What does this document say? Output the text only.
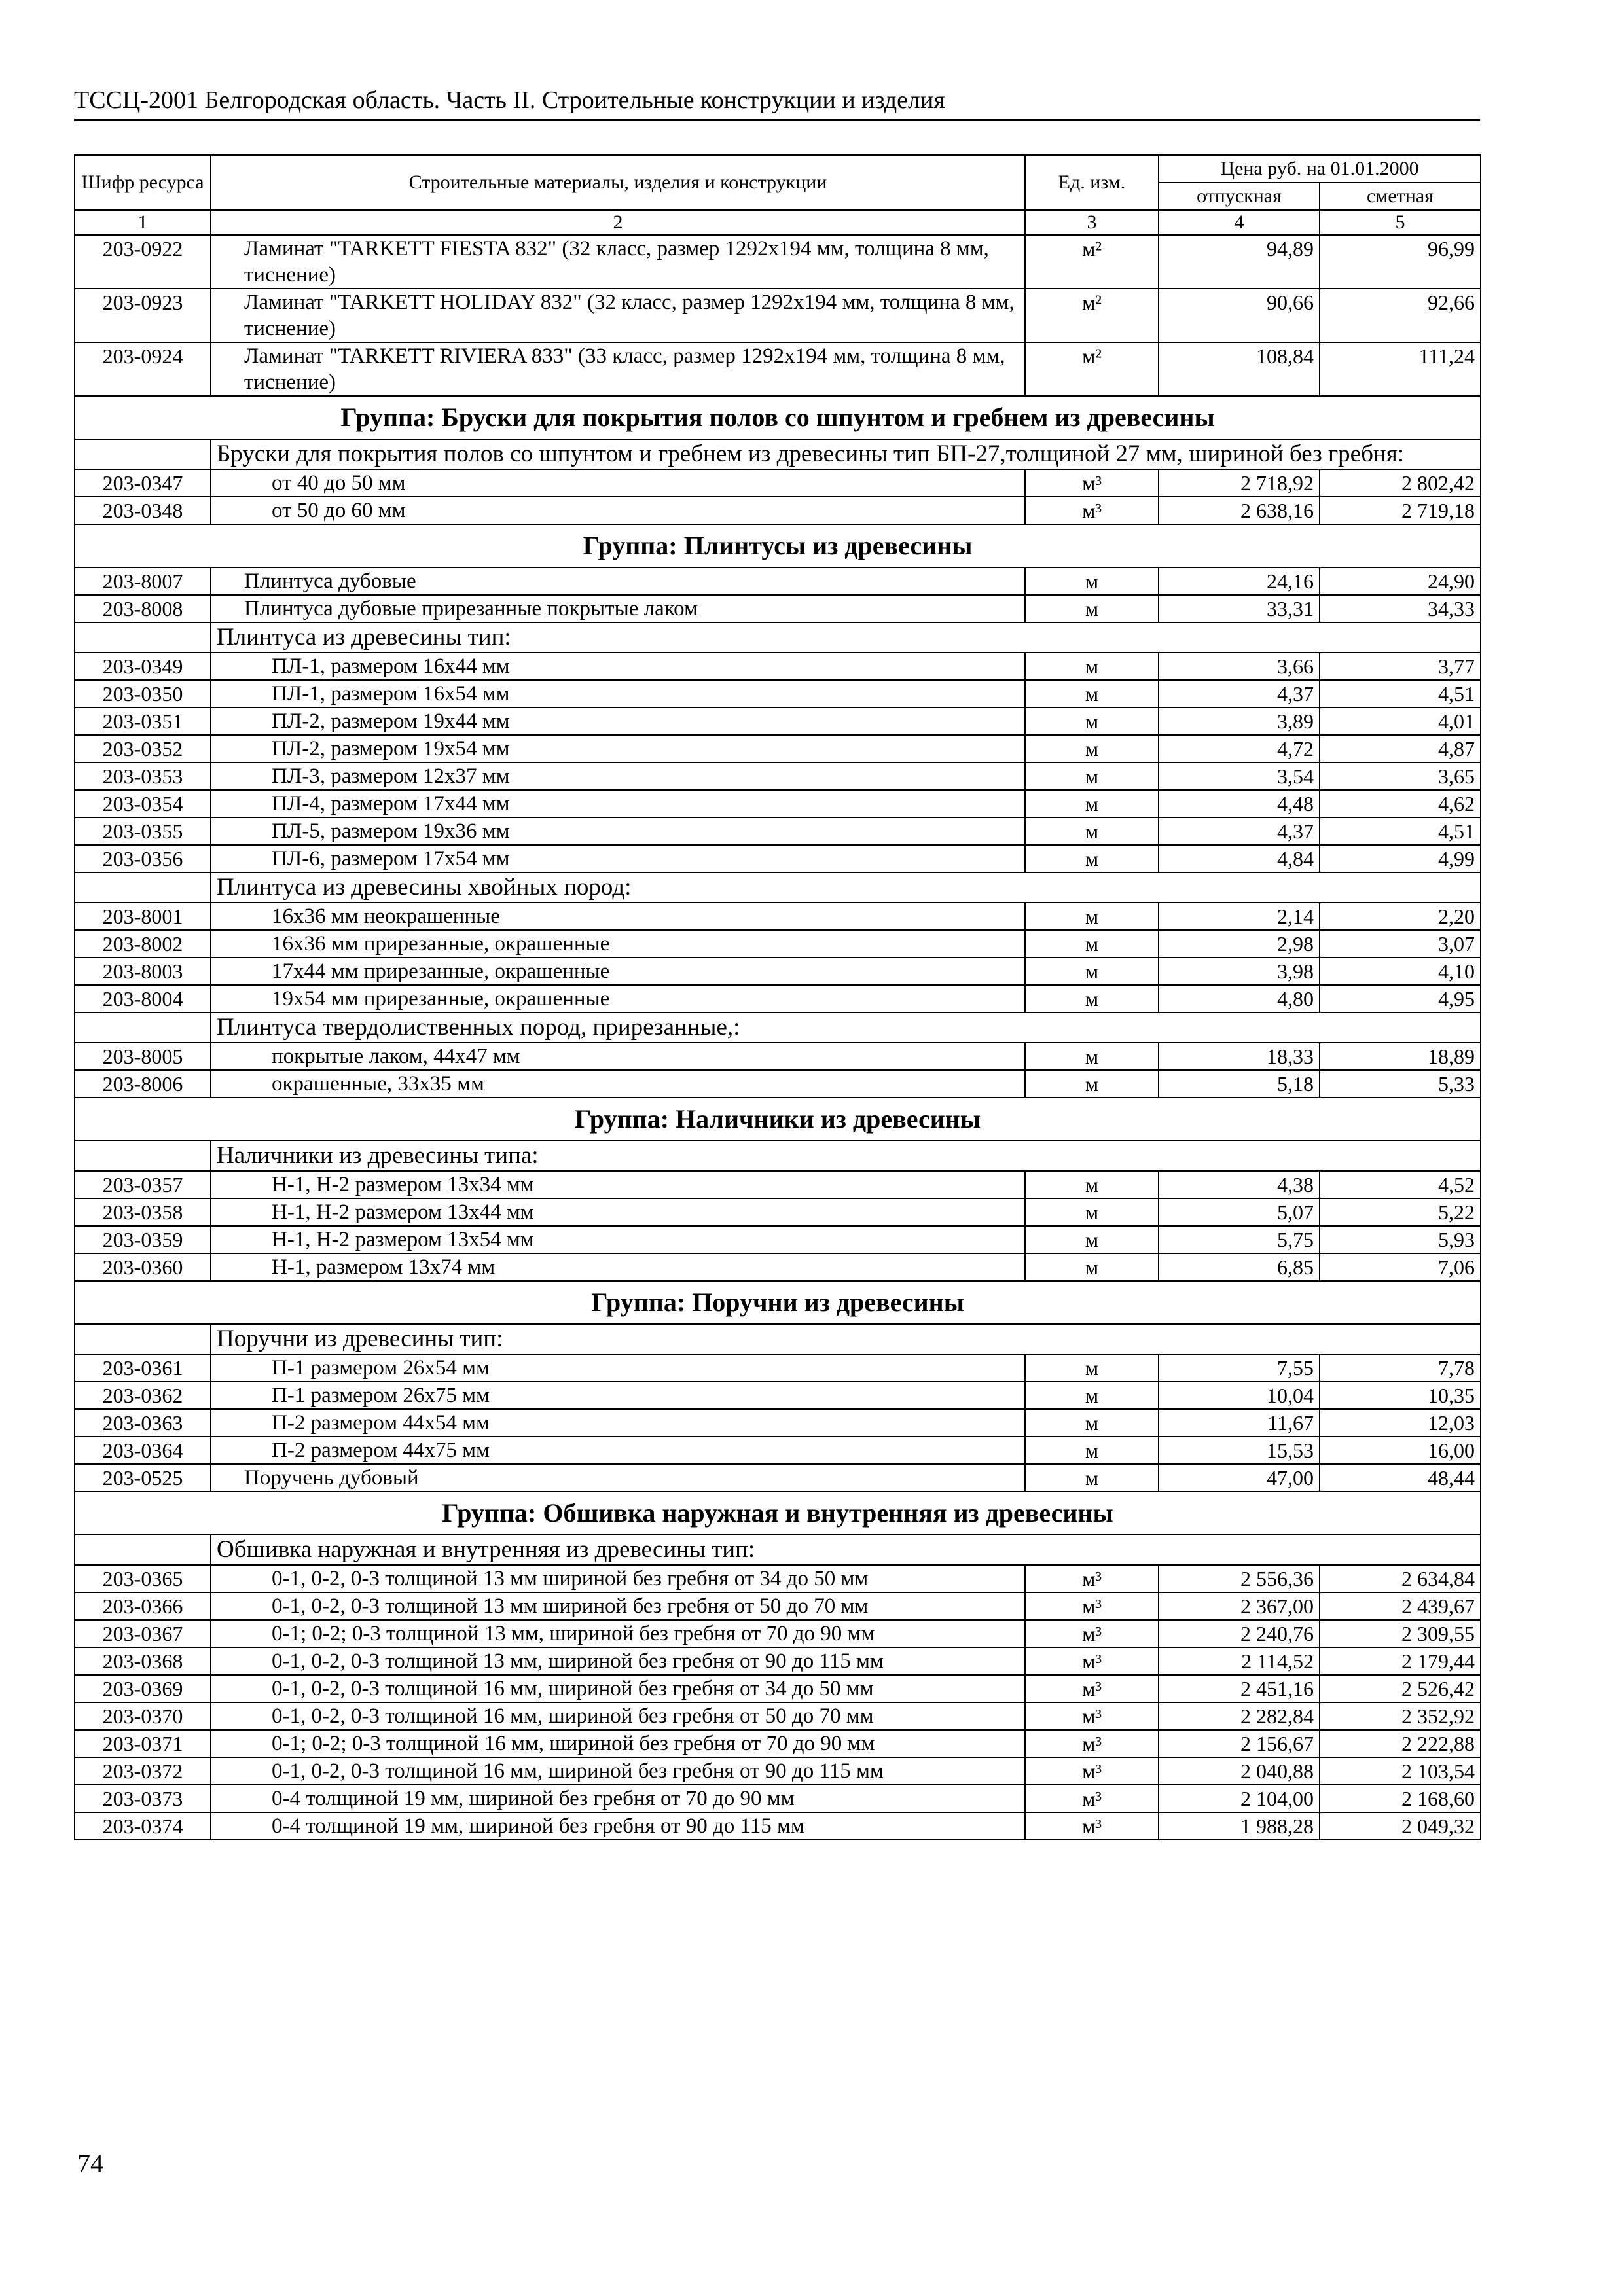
ТССЦ-2001 Белгородская область. Часть II. Строительные конструкции и изделия
Шифр ресурса	Строительные материалы, изделия и конструкции	Ед. изм.	Цена руб. на 01.01.2000	
			отпускная	сметная
1	2	3	4	5
203-0922	Ламинат "TARKETT FIESTA 832" (32 класс, размер 1292x194 мм, толщина 8 мм, тиснение)	м²	94,89	96,99
203-0923	Ламинат "TARKETT HOLIDAY 832" (32 класс, размер 1292x194 мм, толщина 8 мм, тиснение)	м²	90,66	92,66
203-0924	Ламинат "TARKETT RIVIERA 833" (33 класс, размер 1292x194 мм, толщина 8 мм, тиснение)	м²	108,84	111,24
Группа: Бруски для покрытия полов со шпунтом и гребнем из древесины				
	Бруски для покрытия полов со шпунтом и гребнем из древесины тип БП-27,толщиной 27 мм, шириной без гребня:			
203-0347	от 40 до 50 мм	м³	2 718,92	2 802,42
203-0348	от 50 до 60 мм	м³	2 638,16	2 719,18
Группа: Плинтусы из древесины				
203-8007	Плинтуса дубовые	м	24,16	24,90
203-8008	Плинтуса дубовые прирезанные покрытые лаком	м	33,31	34,33
	Плинтуса из древесины тип:			
203-0349	ПЛ-1, размером 16x44 мм	м	3,66	3,77
203-0350	ПЛ-1, размером 16x54 мм	м	4,37	4,51
203-0351	ПЛ-2, размером 19x44 мм	м	3,89	4,01
203-0352	ПЛ-2, размером 19x54 мм	м	4,72	4,87
203-0353	ПЛ-3, размером 12x37 мм	м	3,54	3,65
203-0354	ПЛ-4, размером 17x44 мм	м	4,48	4,62
203-0355	ПЛ-5, размером 19x36 мм	м	4,37	4,51
203-0356	ПЛ-6, размером 17x54 мм	м	4,84	4,99
	Плинтуса из древесины хвойных пород:			
203-8001	16x36 мм неокрашенные	м	2,14	2,20
203-8002	16x36 мм прирезанные, окрашенные	м	2,98	3,07
203-8003	17x44 мм прирезанные, окрашенные	м	3,98	4,10
203-8004	19x54 мм прирезанные, окрашенные	м	4,80	4,95
	Плинтуса твердолиственных пород, прирезанные,:			
203-8005	покрытые лаком, 44x47 мм	м	18,33	18,89
203-8006	окрашенные, 33x35 мм	м	5,18	5,33
Группа: Наличники из древесины				
	Наличники из древесины типа:			
203-0357	Н-1, Н-2 размером 13x34 мм	м	4,38	4,52
203-0358	Н-1, Н-2 размером 13x44 мм	м	5,07	5,22
203-0359	Н-1, Н-2 размером 13x54 мм	м	5,75	5,93
203-0360	Н-1, размером 13x74 мм	м	6,85	7,06
Группа: Поручни из древесины				
	Поручни из древесины тип:			
203-0361	П-1 размером 26x54 мм	м	7,55	7,78
203-0362	П-1 размером 26x75 мм	м	10,04	10,35
203-0363	П-2 размером 44x54 мм	м	11,67	12,03
203-0364	П-2 размером 44x75 мм	м	15,53	16,00
203-0525	Поручень дубовый	м	47,00	48,44
Группа: Обшивка наружная и внутренняя из древесины				
	Обшивка наружная и внутренняя из древесины тип:			
203-0365	0-1, 0-2, 0-3 толщиной 13 мм шириной без гребня от 34 до 50 мм	м³	2 556,36	2 634,84
203-0366	0-1, 0-2, 0-3 толщиной 13 мм шириной без гребня от 50 до 70 мм	м³	2 367,00	2 439,67
203-0367	0-1; 0-2; 0-3 толщиной 13 мм, шириной без гребня от 70 до 90 мм	м³	2 240,76	2 309,55
203-0368	0-1, 0-2, 0-3 толщиной 13 мм, шириной без гребня от 90 до 115 мм	м³	2 114,52	2 179,44
203-0369	0-1, 0-2, 0-3 толщиной 16 мм, шириной без гребня от 34 до 50 мм	м³	2 451,16	2 526,42
203-0370	0-1, 0-2, 0-3 толщиной 16 мм, шириной без гребня от 50 до 70 мм	м³	2 282,84	2 352,92
203-0371	0-1; 0-2; 0-3 толщиной 16 мм, шириной без гребня от 70 до 90 мм	м³	2 156,67	2 222,88
203-0372	0-1, 0-2, 0-3 толщиной 16 мм, шириной без гребня от 90 до 115 мм	м³	2 040,88	2 103,54
203-0373	0-4 толщиной 19 мм, шириной без гребня от 70 до 90 мм	м³	2 104,00	2 168,60
203-0374	0-4 толщиной 19 мм, шириной без гребня от 90 до 115 мм	м³	1 988,28	2 049,32
74
